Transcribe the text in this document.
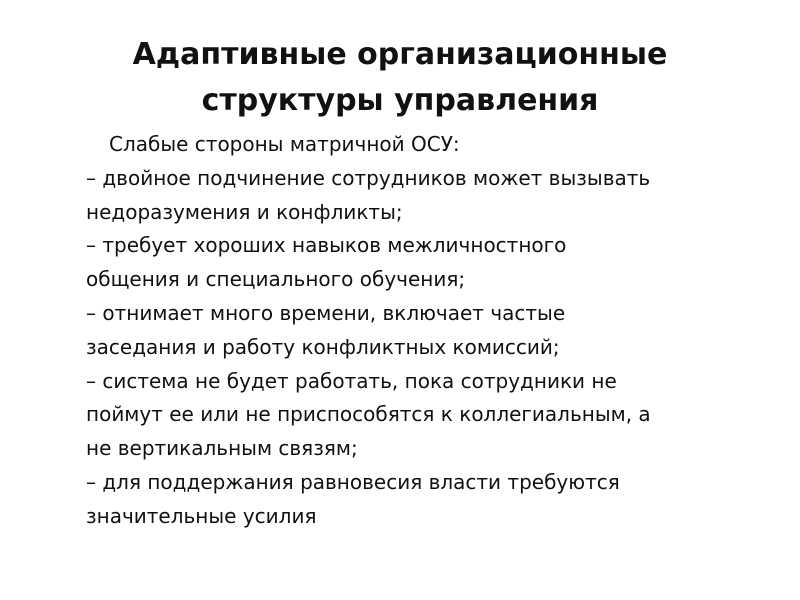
Адаптивные организационные
структуры управления
Слабые стороны матричной ОСУ:
– двойное подчинение сотрудников может вызывать
недоразумения и конфликты;
– требует хороших навыков межличностного
общения и специального обучения;
– отнимает много времени, включает частые
заседания и работу конфликтных комиссий;
– система не будет работать, пока сотрудники не
поймут ее или не приспособятся к коллегиальным, а
не вертикальным связям;
– для поддержания равновесия власти требуются
значительные усилия
